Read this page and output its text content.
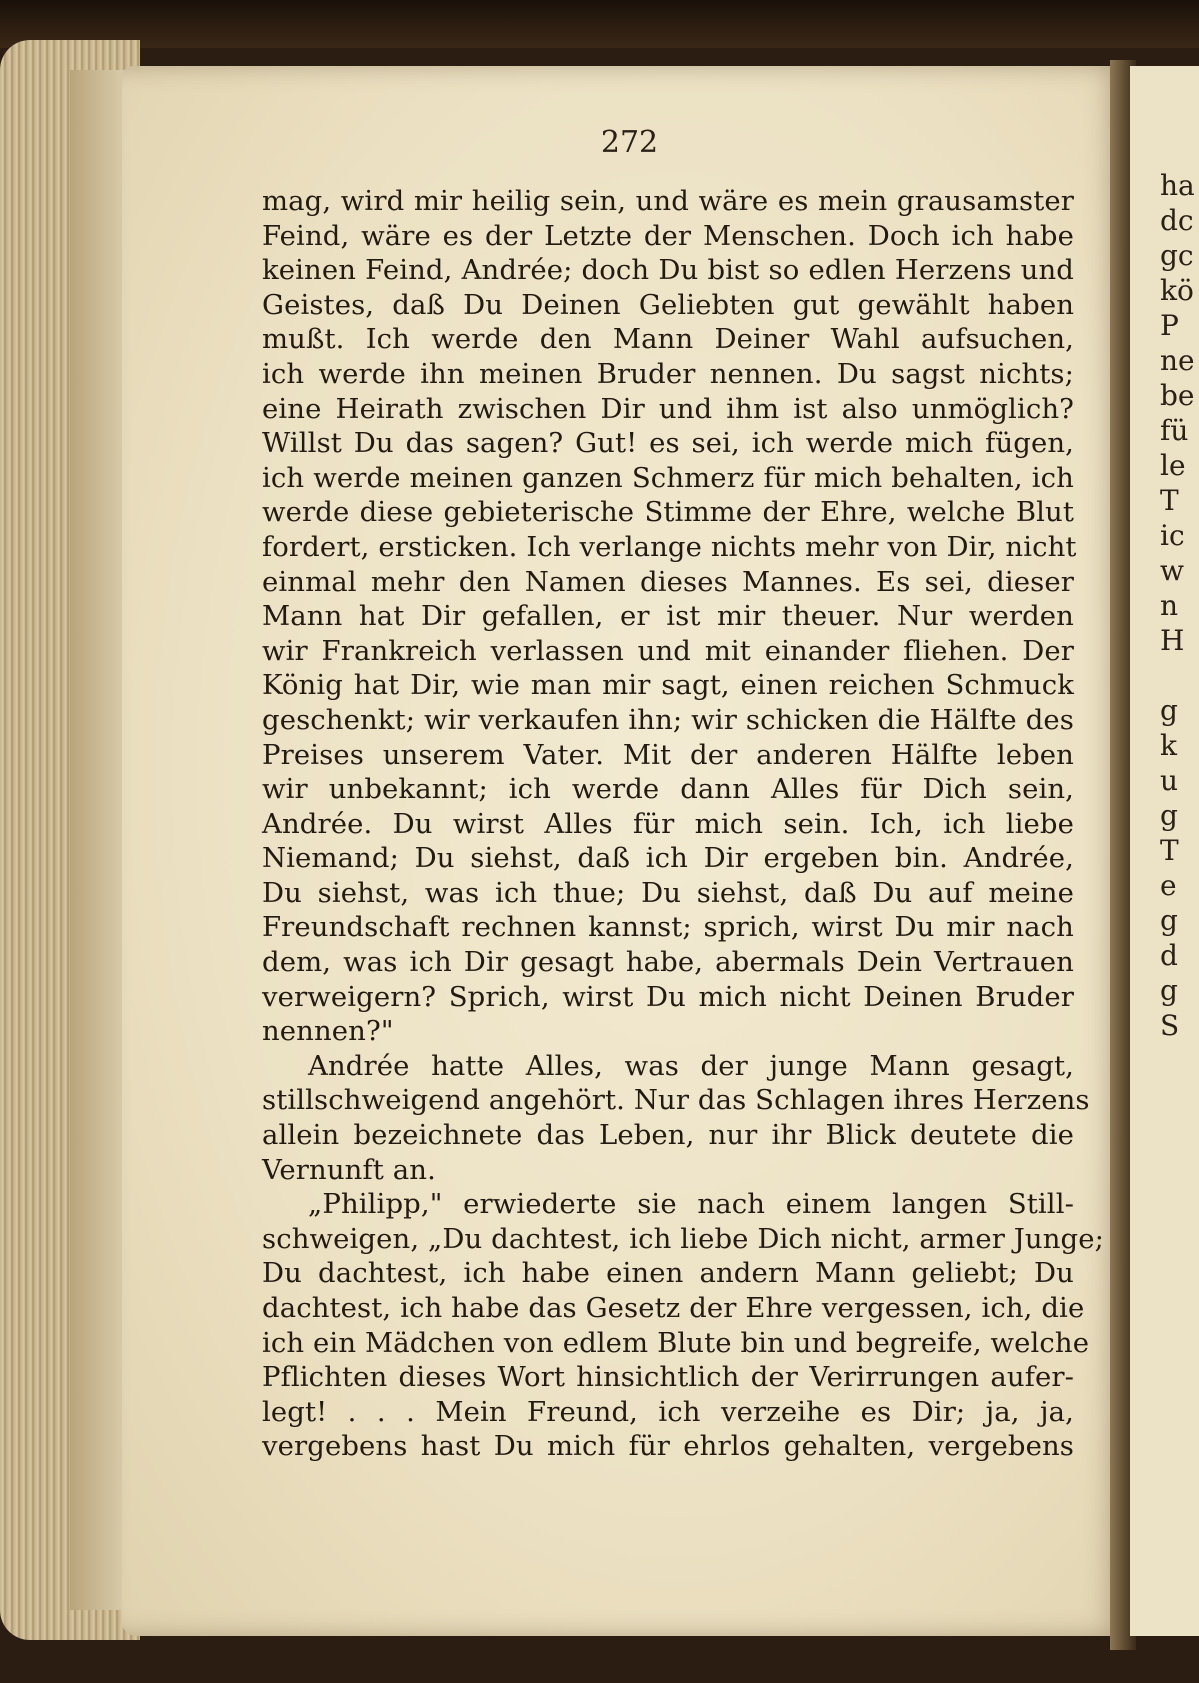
ha
dc
gc
kö
P
ne
be
fü
le
T
ic
w
n
H

g
k
u
g
T
e
g
d
g
S
272
mag, wird mir heilig sein, und wäre es mein grausamster
Feind, wäre es der Letzte der Menschen. Doch ich habe
keinen Feind, Andrée; doch Du bist so edlen Herzens und
Geistes, daß Du Deinen Geliebten gut gewählt haben
mußt. Ich werde den Mann Deiner Wahl aufsuchen,
ich werde ihn meinen Bruder nennen. Du sagst nichts;
eine Heirath zwischen Dir und ihm ist also unmöglich?
Willst Du das sagen? Gut! es sei, ich werde mich fügen,
ich werde meinen ganzen Schmerz für mich behalten, ich
werde diese gebieterische Stimme der Ehre, welche Blut
fordert, ersticken. Ich verlange nichts mehr von Dir, nicht
einmal mehr den Namen dieses Mannes. Es sei, dieser
Mann hat Dir gefallen, er ist mir theuer. Nur werden
wir Frankreich verlassen und mit einander fliehen. Der
König hat Dir, wie man mir sagt, einen reichen Schmuck
geschenkt; wir verkaufen ihn; wir schicken die Hälfte des
Preises unserem Vater. Mit der anderen Hälfte leben
wir unbekannt; ich werde dann Alles für Dich sein,
Andrée. Du wirst Alles für mich sein. Ich, ich liebe
Niemand; Du siehst, daß ich Dir ergeben bin. Andrée,
Du siehst, was ich thue; Du siehst, daß Du auf meine
Freundschaft rechnen kannst; sprich, wirst Du mir nach
dem, was ich Dir gesagt habe, abermals Dein Vertrauen
verweigern? Sprich, wirst Du mich nicht Deinen Bruder
nennen?"
Andrée hatte Alles, was der junge Mann gesagt,
stillschweigend angehört. Nur das Schlagen ihres Herzens
allein bezeichnete das Leben, nur ihr Blick deutete die
Vernunft an.
„Philipp," erwiederte sie nach einem langen Still-
schweigen, „Du dachtest, ich liebe Dich nicht, armer Junge;
Du dachtest, ich habe einen andern Mann geliebt; Du
dachtest, ich habe das Gesetz der Ehre vergessen, ich, die
ich ein Mädchen von edlem Blute bin und begreife, welche
Pflichten dieses Wort hinsichtlich der Verirrungen aufer-
legt! . . . Mein Freund, ich verzeihe es Dir; ja, ja,
vergebens hast Du mich für ehrlos gehalten, vergebens
